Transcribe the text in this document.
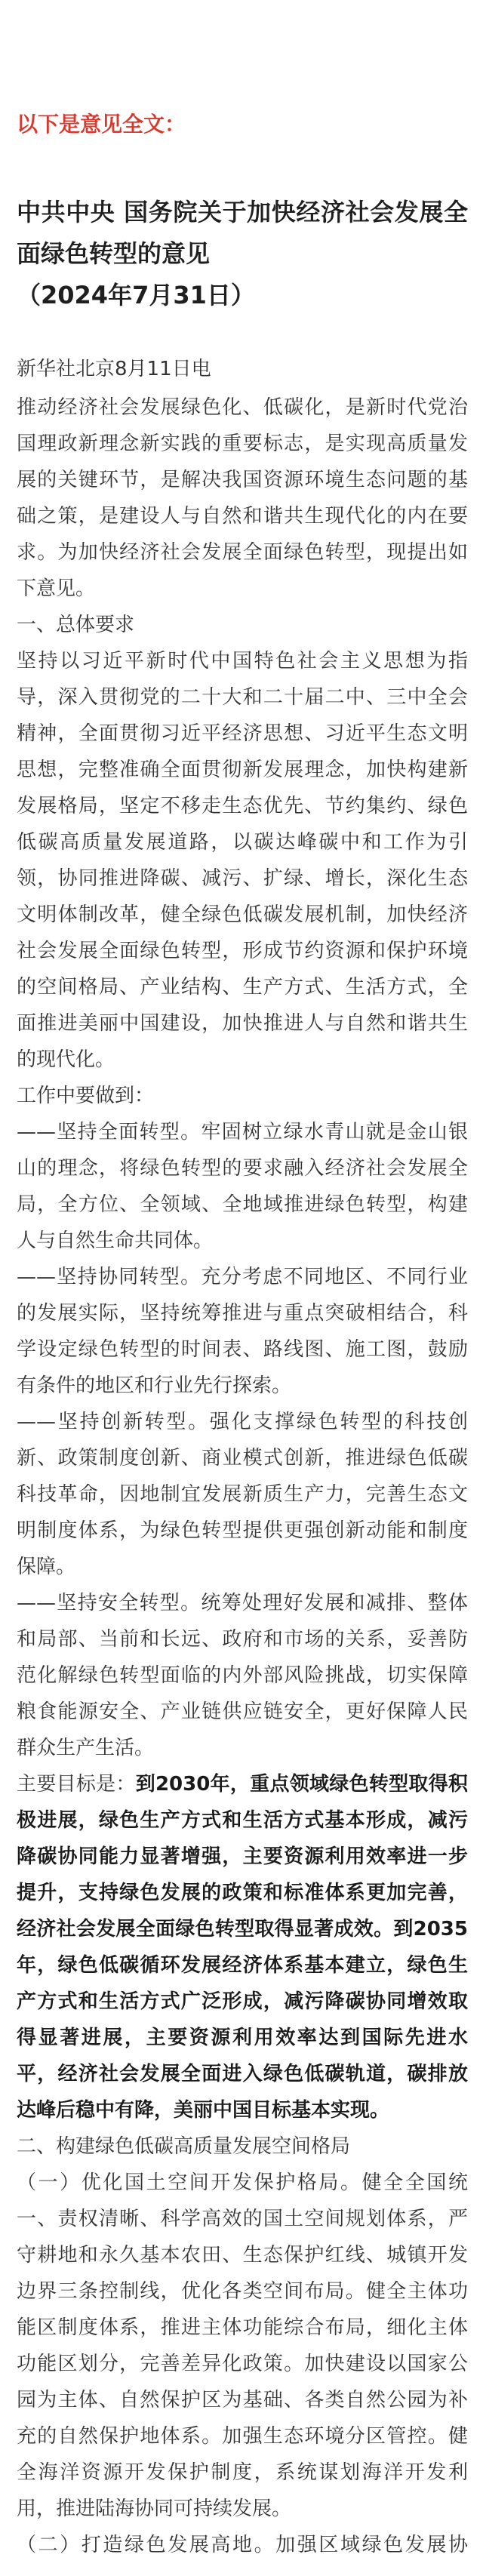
以下是意见全文：
中共中央 国务院关于加快经济社会发展全
面绿色转型的意见
（2024年7月31日）
新华社北京8月11日电
推动经济社会发展绿色化、低碳化，是新时代党治
国理政新理念新实践的重要标志，是实现高质量发
展的关键环节，是解决我国资源环境生态问题的基
础之策，是建设人与自然和谐共生现代化的内在要
求。为加快经济社会发展全面绿色转型，现提出如
下意见。
一、总体要求
坚持以习近平新时代中国特色社会主义思想为指
导，深入贯彻党的二十大和二十届二中、三中全会
精神，全面贯彻习近平经济思想、习近平生态文明
思想，完整准确全面贯彻新发展理念，加快构建新
发展格局，坚定不移走生态优先、节约集约、绿色
低碳高质量发展道路，以碳达峰碳中和工作为引
领，协同推进降碳、减污、扩绿、增长，深化生态
文明体制改革，健全绿色低碳发展机制，加快经济
社会发展全面绿色转型，形成节约资源和保护环境
的空间格局、产业结构、生产方式、生活方式，全
面推进美丽中国建设，加快推进人与自然和谐共生
的现代化。
工作中要做到：
——坚持全面转型。牢固树立绿水青山就是金山银
山的理念，将绿色转型的要求融入经济社会发展全
局，全方位、全领域、全地域推进绿色转型，构建
人与自然生命共同体。
——坚持协同转型。充分考虑不同地区、不同行业
的发展实际，坚持统筹推进与重点突破相结合，科
学设定绿色转型的时间表、路线图、施工图，鼓励
有条件的地区和行业先行探索。
——坚持创新转型。强化支撑绿色转型的科技创
新、政策制度创新、商业模式创新，推进绿色低碳
科技革命，因地制宜发展新质生产力，完善生态文
明制度体系，为绿色转型提供更强创新动能和制度
保障。
——坚持安全转型。统筹处理好发展和减排、整体
和局部、当前和长远、政府和市场的关系，妥善防
范化解绿色转型面临的内外部风险挑战，切实保障
粮食能源安全、产业链供应链安全，更好保障人民
群众生产生活。
主要目标是：到2030年，重点领域绿色转型取得积
极进展，绿色生产方式和生活方式基本形成，减污
降碳协同能力显著增强，主要资源利用效率进一步
提升，支持绿色发展的政策和标准体系更加完善，
经济社会发展全面绿色转型取得显著成效。到2035
年，绿色低碳循环发展经济体系基本建立，绿色生
产方式和生活方式广泛形成，减污降碳协同增效取
得显著进展，主要资源利用效率达到国际先进水
平，经济社会发展全面进入绿色低碳轨道，碳排放
达峰后稳中有降，美丽中国目标基本实现。
二、构建绿色低碳高质量发展空间格局
（一）优化国土空间开发保护格局。健全全国统
一、责权清晰、科学高效的国土空间规划体系，严
守耕地和永久基本农田、生态保护红线、城镇开发
边界三条控制线，优化各类空间布局。健全主体功
能区制度体系，推进主体功能综合布局，细化主体
功能区划分，完善差异化政策。加快建设以国家公
园为主体、自然保护区为基础、各类自然公园为补
充的自然保护地体系。加强生态环境分区管控。健
全海洋资源开发保护制度，系统谋划海洋开发利
用，推进陆海协同可持续发展。
（二）打造绿色发展高地。加强区域绿色发展协
